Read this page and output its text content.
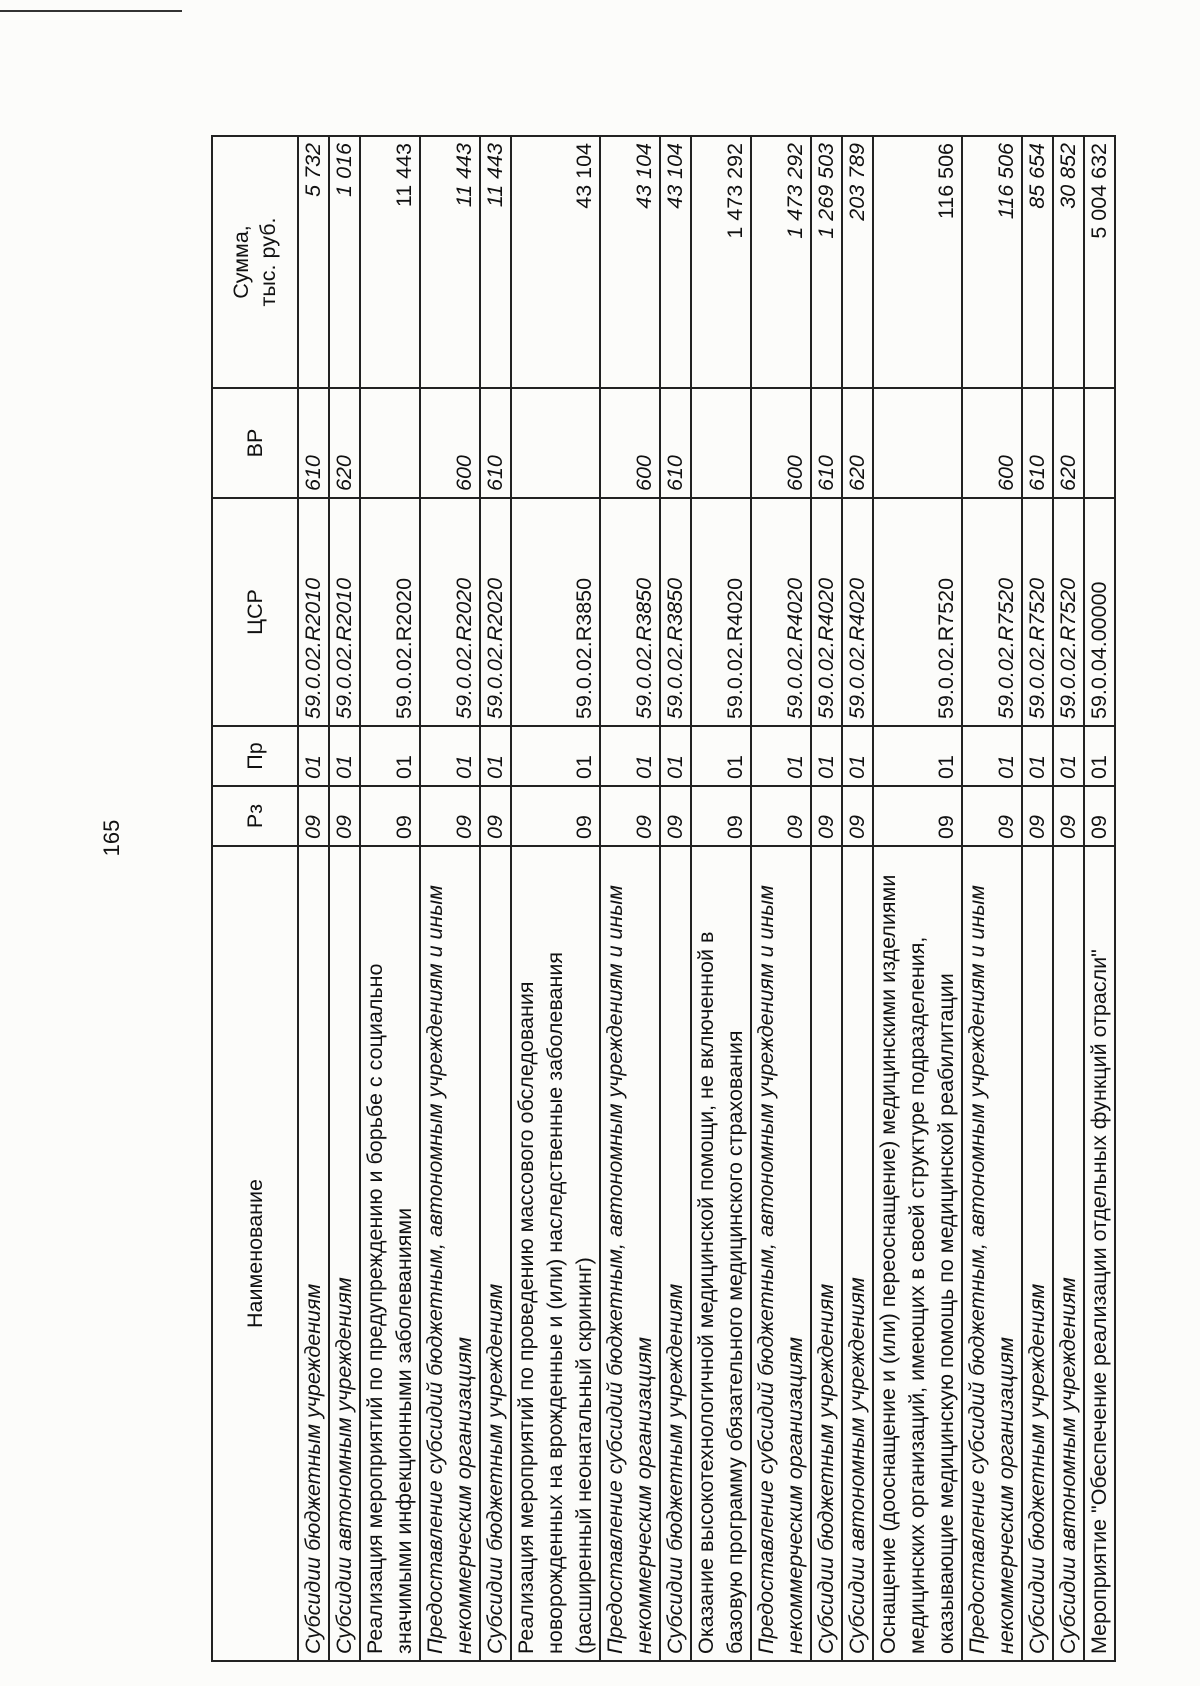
165
Наименование	Рз	Пр	ЦСР	ВР	Сумма, тыс. руб.

Субсидии бюджетным учреждениям	09	01	59.0.02.R2010	610	5 732
Субсидии автономным учреждениям	09	01	59.0.02.R2010	620	1 016
Реализация мероприятий по предупреждению и борьбе с социально значимыми инфекционными заболеваниями	09	01	59.0.02.R2020		11 443
Предоставление субсидий бюджетным, автономным учреждениям и иным некоммерческим организациям	09	01	59.0.02.R2020	600	11 443
Субсидии бюджетным учреждениям	09	01	59.0.02.R2020	610	11 443
Реализация мероприятий по проведению массового обследования новорожденных на врожденные и (или) наследственные заболевания (расширенный неонатальный скрининг)	09	01	59.0.02.R3850		43 104
Предоставление субсидий бюджетным, автономным учреждениям и иным некоммерческим организациям	09	01	59.0.02.R3850	600	43 104
Субсидии бюджетным учреждениям	09	01	59.0.02.R3850	610	43 104
Оказание высокотехнологичной медицинской помощи, не включенной в базовую программу обязательного медицинского страхования	09	01	59.0.02.R4020		1 473 292
Предоставление субсидий бюджетным, автономным учреждениям и иным некоммерческим организациям	09	01	59.0.02.R4020	600	1 473 292
Субсидии бюджетным учреждениям	09	01	59.0.02.R4020	610	1 269 503
Субсидии автономным учреждениям	09	01	59.0.02.R4020	620	203 789
Оснащение (дооснащение и (или) переоснащение) медицинскими изделиями медицинских организаций, имеющих в своей структуре подразделения, оказывающие медицинскую помощь по медицинской реабилитации	09	01	59.0.02.R7520		116 506
Предоставление субсидий бюджетным, автономным учреждениям и иным некоммерческим организациям	09	01	59.0.02.R7520	600	116 506
Субсидии бюджетным учреждениям	09	01	59.0.02.R7520	610	85 654
Субсидии автономным учреждениям	09	01	59.0.02.R7520	620	30 852
Мероприятие "Обеспечение реализации отдельных функций отрасли"	09	01	59.0.04.00000		5 004 632
